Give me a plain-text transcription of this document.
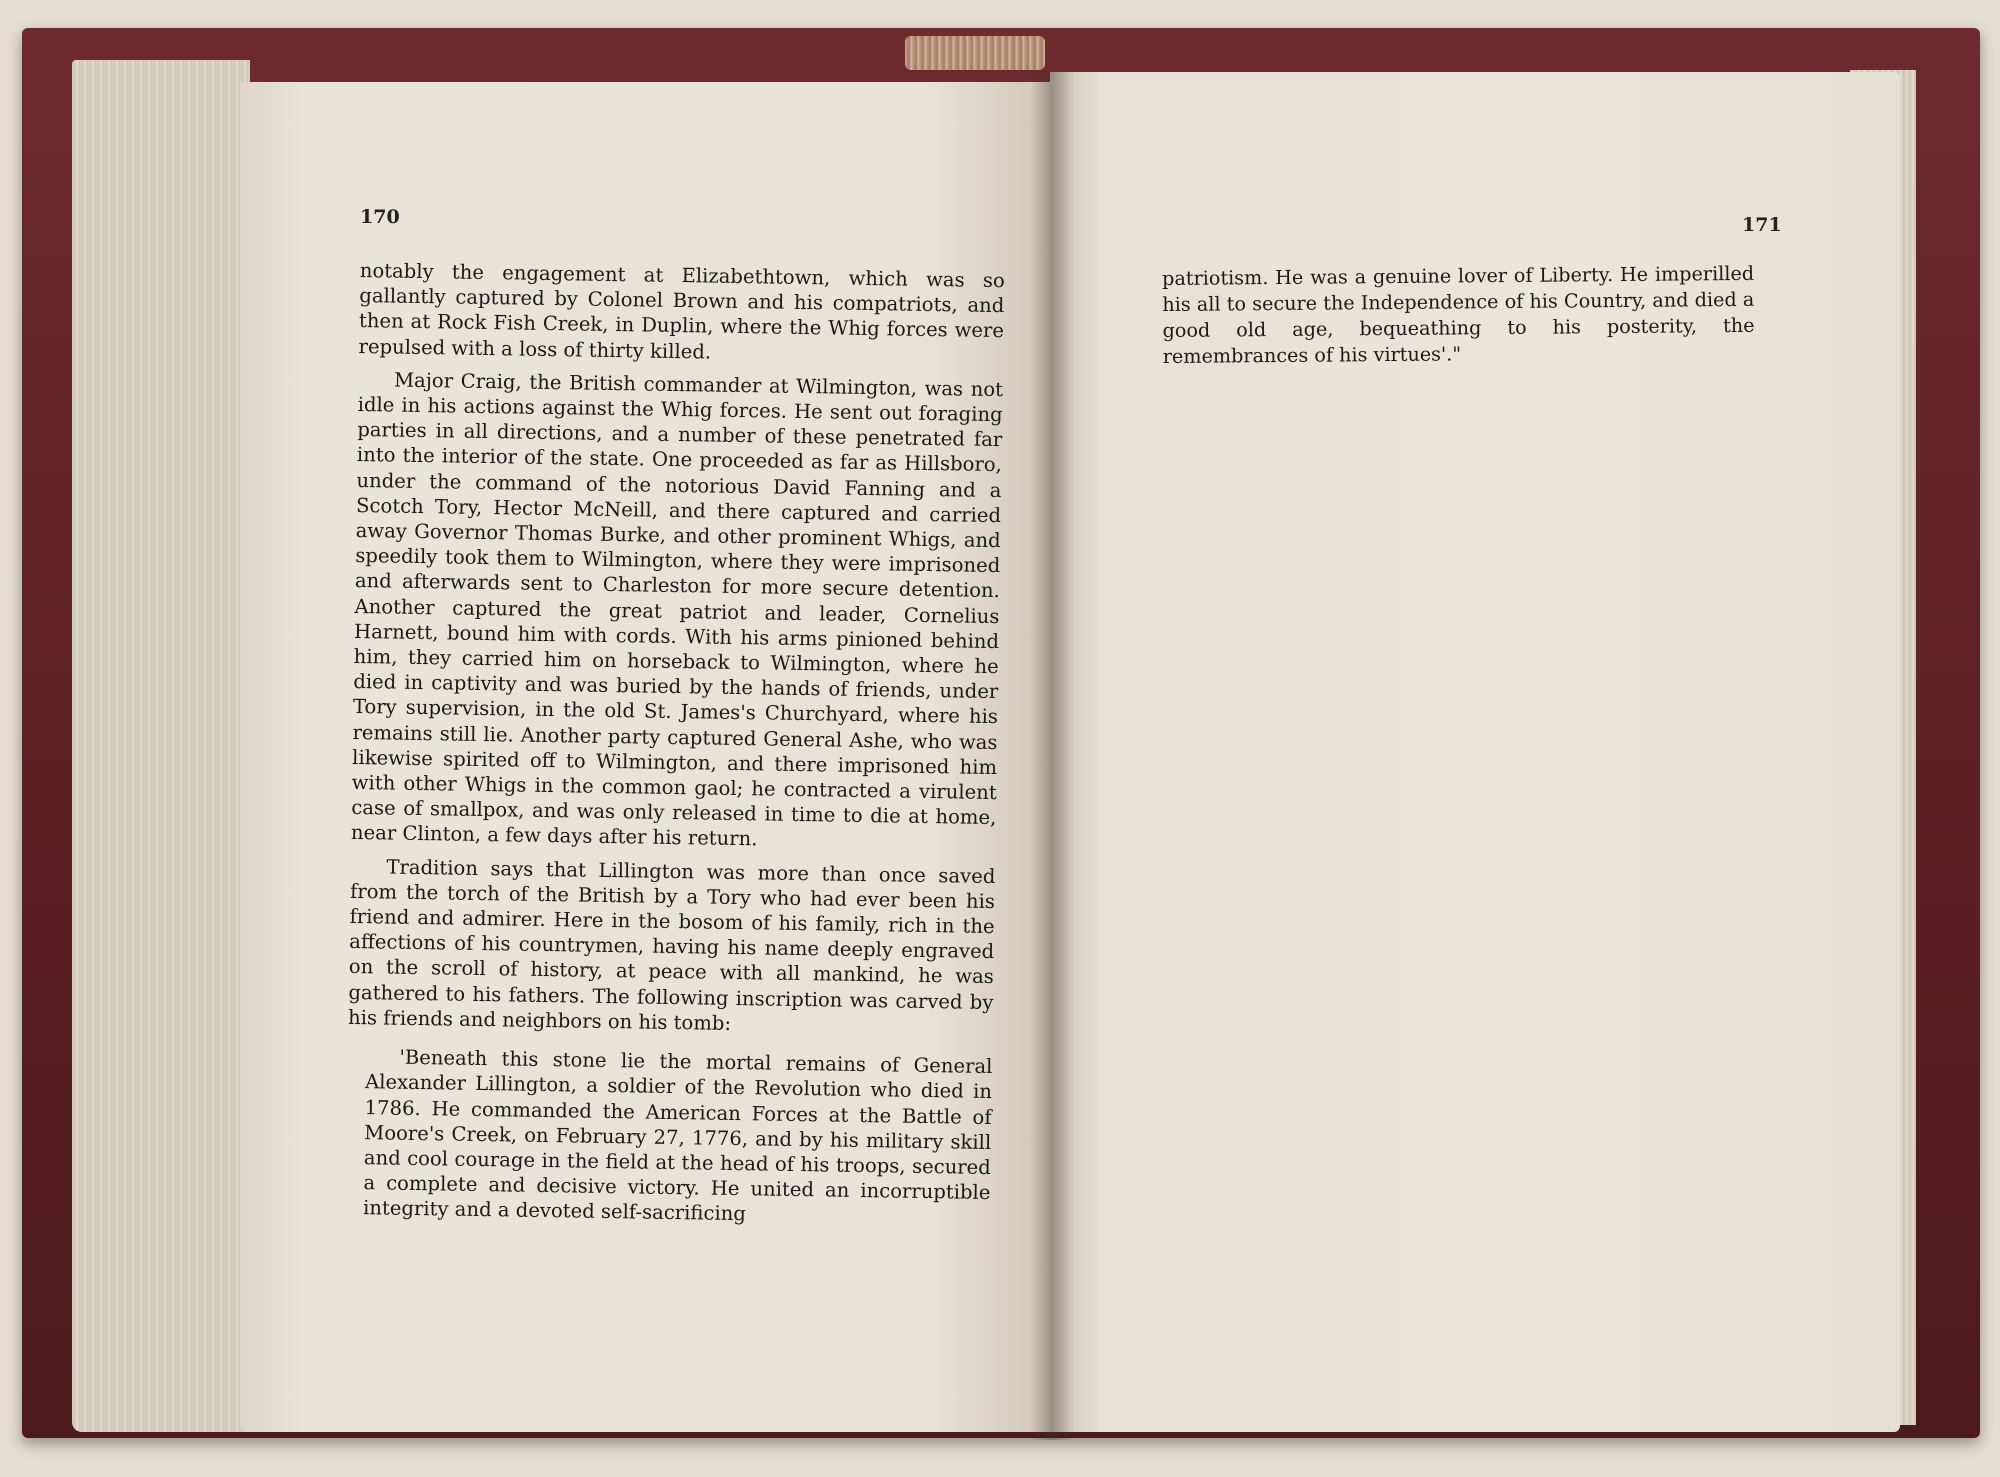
170	171

notably the engagement at Elizabethtown, which was so gallantly captured by Colonel Brown and his compatriots, and then at Rock Fish Creek, in Duplin, where the Whig forces were repulsed with a loss of thirty killed.

Major Craig, the British commander at Wilmington, was not idle in his actions against the Whig forces. He sent out foraging parties in all directions, and a number of these penetrated far into the interior of the state. One proceeded as far as Hillsboro, under the command of the notorious David Fanning and a Scotch Tory, Hector McNeill, and there captured and carried away Governor Thomas Burke, and other prominent Whigs, and speedily took them to Wilmington, where they were imprisoned and afterwards sent to Charleston for more secure detention. Another captured the great patriot and leader, Cornelius Harnett, bound him with cords. With his arms pinioned behind him, they carried him on horseback to Wilmington, where he died in captivity and was buried by the hands of friends, under Tory supervision, in the old St. James's Churchyard, where his remains still lie. Another party captured General Ashe, who was likewise spirited off to Wilmington, and there imprisoned him with other Whigs in the common gaol; he contracted a virulent case of smallpox, and was only released in time to die at home, near Clinton, a few days after his return.

Tradition says that Lillington was more than once saved from the torch of the British by a Tory who had ever been his friend and admirer. Here in the bosom of his family, rich in the affections of his countrymen, having his name deeply engraved on the scroll of history, at peace with all mankind, he was gathered to his fathers. The following inscription was carved by his friends and neighbors on his tomb:

'Beneath this stone lie the mortal remains of General Alexander Lillington, a soldier of the Revolution who died in 1786. He commanded the American Forces at the Battle of Moore's Creek, on February 27, 1776, and by his military skill and cool courage in the field at the head of his troops, secured a complete and decisive victory. He united an incorruptible integrity and a devoted self-sacrificing

patriotism. He was a genuine lover of Liberty. He imperilled his all to secure the Independence of his Country, and died a good old age, bequeathing to his posterity, the remembrances of his virtues'."
